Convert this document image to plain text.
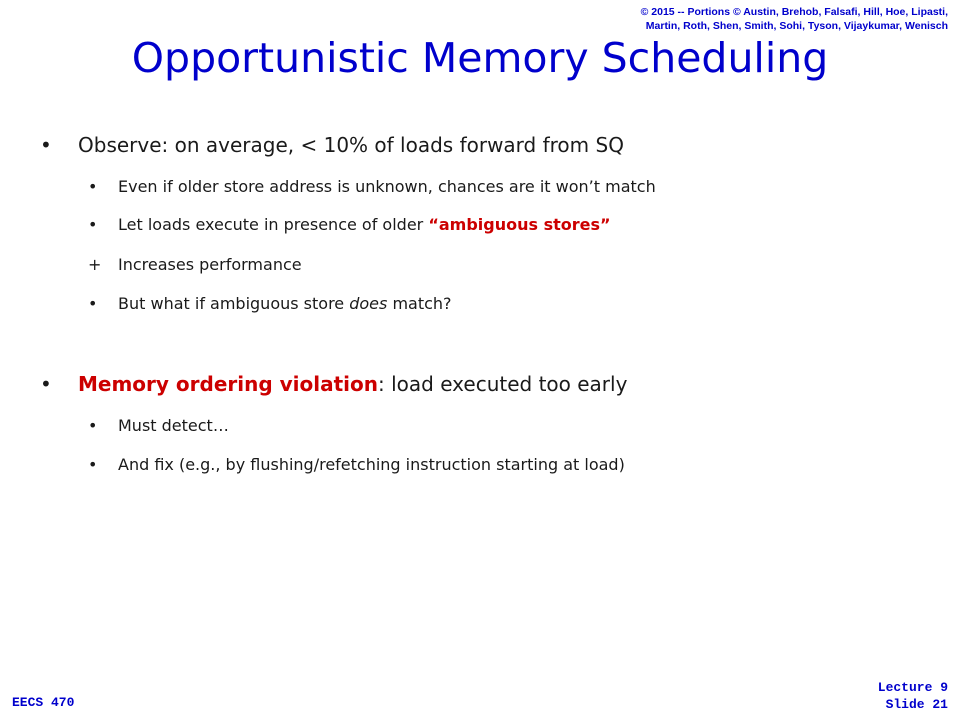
© 2015 -- Portions © Austin, Brehob, Falsafi, Hill, Hoe, Lipasti,
Martin, Roth, Shen, Smith, Sohi, Tyson, Vijaykumar, Wenisch
Opportunistic Memory Scheduling
• Observe: on average, < 10% of loads forward from SQ
• Even if older store address is unknown, chances are it won’t match
• Let loads execute in presence of older “ambiguous stores”
+ Increases performance
• But what if ambiguous store does match?
• Memory ordering violation: load executed too early
• Must detect…
• And fix (e.g., by flushing/refetching instruction starting at load)
EECS 470
Lecture 9
Slide 21
